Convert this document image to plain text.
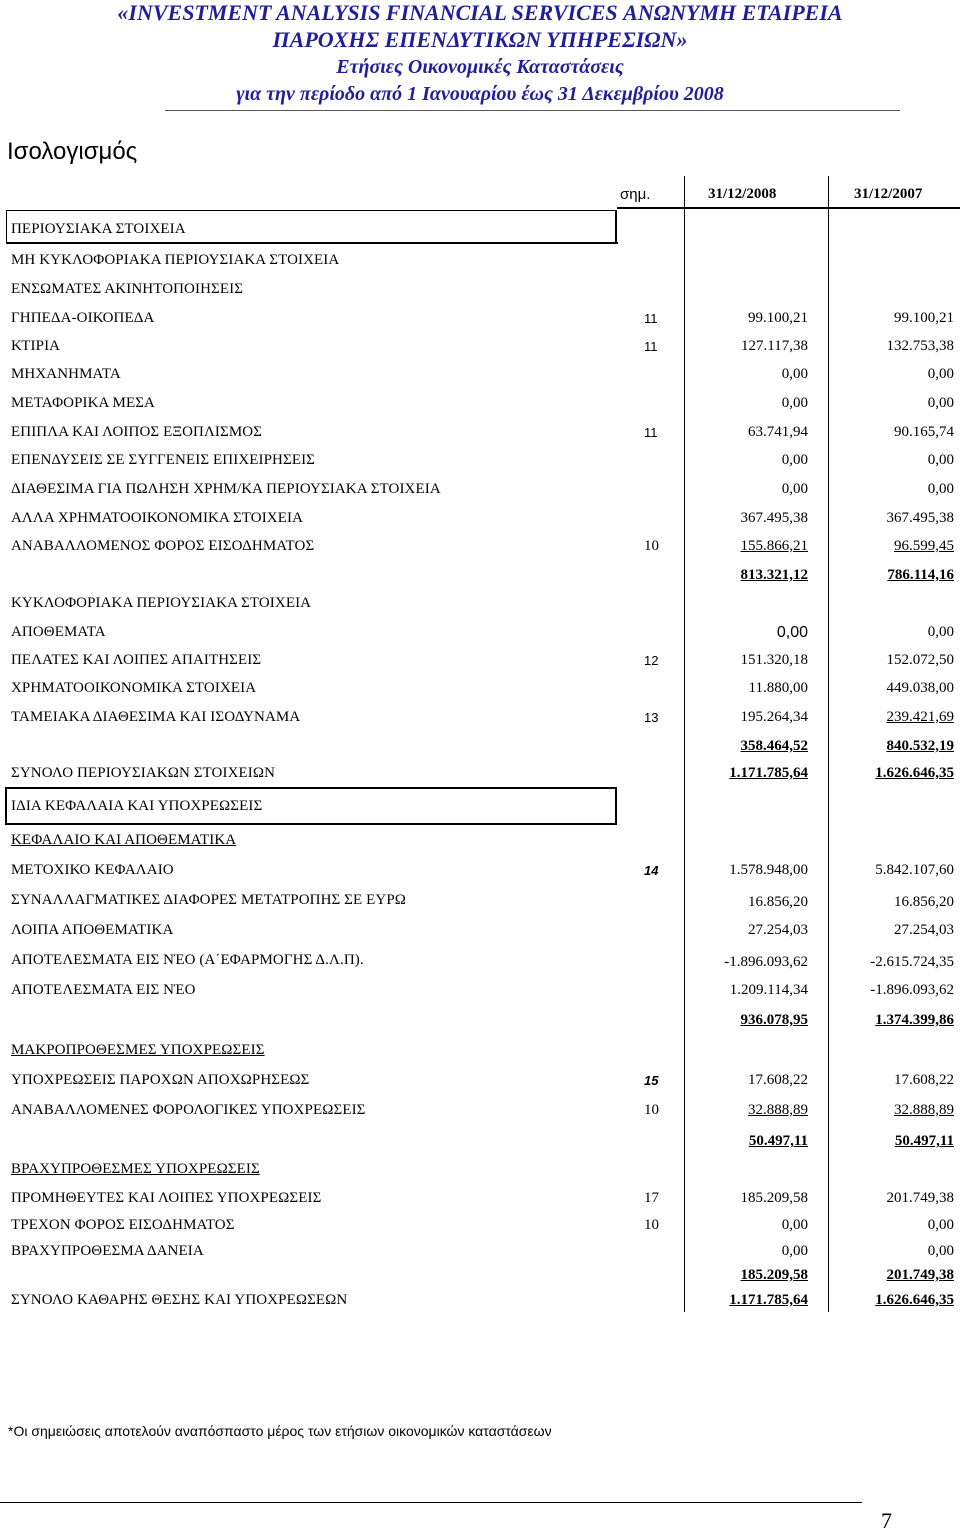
«INVESTMENT ANALYSIS FINANCIAL SERVICES ΑΝΩΝΥΜΗ ΕΤΑΙΡΕΙΑ
ΠΑΡΟΧΗΣ ΕΠΕΝΔΥΤΙΚΩΝ ΥΠΗΡΕΣΙΩΝ»
Ετήσιες Οικονομικές Καταστάσεις
για την περίοδο από 1 Ιανουαρίου έως 31 Δεκεμβρίου 2008
Ισολογισμός
σημ.	31/12/2008	31/12/2007
ΠΕΡΙΟΥΣΙΑΚΑ ΣΤΟΙΧΕΙΑ
ΜΗ ΚΥΚΛΟΦΟΡΙΑΚΑ ΠΕΡΙΟΥΣΙΑΚΑ ΣΤΟΙΧΕΙΑ
ΕΝΣΩΜΑΤΕΣ ΑΚΙΝΗΤΟΠΟΙΗΣΕΙΣ
ΓΗΠΕΔΑ-ΟΙΚΟΠΕΔΑ	11	99.100,21	99.100,21
ΚΤΙΡΙΑ	11	127.117,38	132.753,38
ΜΗΧΑΝΗΜΑΤΑ	0,00	0,00
ΜΕΤΑΦΟΡΙΚΑ ΜΕΣΑ	0,00	0,00
ΕΠΙΠΛΑ ΚΑΙ ΛΟΙΠΟΣ ΕΞΟΠΛΙΣΜΟΣ	11	63.741,94	90.165,74
ΕΠΕΝΔΥΣΕΙΣ ΣΕ ΣΥΓΓΕΝΕΙΣ ΕΠΙΧΕΙΡΗΣΕΙΣ	0,00	0,00
ΔΙΑΘΕΣΙΜΑ ΓΙΑ ΠΩΛΗΣΗ ΧΡΗΜ/ΚΑ ΠΕΡΙΟΥΣΙΑΚΑ ΣΤΟΙΧΕΙΑ	0,00	0,00
ΑΛΛΑ ΧΡΗΜΑΤΟΟΙΚΟΝΟΜΙΚΑ ΣΤΟΙΧΕΙΑ	367.495,38	367.495,38
ΑΝΑΒΑΛΛΟΜΕΝΟΣ ΦΟΡΟΣ ΕΙΣΟΔΗΜΑΤΟΣ	10	155.866,21	96.599,45
813.321,12	786.114,16
ΚΥΚΛΟΦΟΡΙΑΚΑ ΠΕΡΙΟΥΣΙΑΚΑ ΣΤΟΙΧΕΙΑ
ΑΠΟΘΕΜΑΤΑ	0,00	0,00
ΠΕΛΑΤΕΣ ΚΑΙ ΛΟΙΠΕΣ ΑΠΑΙΤΗΣΕΙΣ	12	151.320,18	152.072,50
ΧΡΗΜΑΤΟΟΙΚΟΝΟΜΙΚΑ ΣΤΟΙΧΕΙΑ	11.880,00	449.038,00
ΤΑΜΕΙΑΚΑ ΔΙΑΘΕΣΙΜΑ ΚΑΙ ΙΣΟΔΥΝΑΜΑ	13	195.264,34	239.421,69
358.464,52	840.532,19
ΣΥΝΟΛΟ ΠΕΡΙΟΥΣΙΑΚΩΝ ΣΤΟΙΧΕΙΩΝ	1.171.785,64	1.626.646,35
ΙΔΙΑ ΚΕΦΑΛΑΙΑ ΚΑΙ ΥΠΟΧΡΕΩΣΕΙΣ
ΚΕΦΑΛΑΙΟ ΚΑΙ ΑΠΟΘΕΜΑΤΙΚΑ
ΜΕΤΟΧΙΚΟ ΚΕΦΑΛΑΙΟ	14	1.578.948,00	5.842.107,60
ΣΥΝΑΛΛΑΓΜΑΤΙΚΕΣ ΔΙΑΦΟΡΕΣ ΜΕΤΑΤΡΟΠΗΣ ΣΕ ΕΥΡΩ	16.856,20	16.856,20
ΛΟΙΠΑ ΑΠΟΘΕΜΑΤΙΚΑ	27.254,03	27.254,03
ΑΠΟΤΕΛΕΣΜΑΤΑ ΕΙΣ ΝΈΟ (Α΄ΕΦΑΡΜΟΓΗΣ Δ.Λ.Π).	-1.896.093,62	-2.615.724,35
ΑΠΟΤΕΛΕΣΜΑΤΑ ΕΙΣ ΝΈΟ	1.209.114,34	-1.896.093,62
936.078,95	1.374.399,86
ΜΑΚΡΟΠΡΟΘΕΣΜΕΣ ΥΠΟΧΡΕΩΣΕΙΣ
ΥΠΟΧΡΕΩΣΕΙΣ ΠΑΡΟΧΩΝ ΑΠΟΧΩΡΗΣΕΩΣ	15	17.608,22	17.608,22
ΑΝΑΒΑΛΛΟΜΕΝΕΣ ΦΟΡΟΛΟΓΙΚΕΣ ΥΠΟΧΡΕΩΣΕΙΣ	10	32.888,89	32.888,89
50.497,11	50.497,11
ΒΡΑΧΥΠΡΟΘΕΣΜΕΣ ΥΠΟΧΡΕΩΣΕΙΣ
ΠΡΟΜΗΘΕΥΤΕΣ ΚΑΙ ΛΟΙΠΕΣ ΥΠΟΧΡΕΩΣΕΙΣ	17	185.209,58	201.749,38
ΤΡΕΧΟΝ ΦΟΡΟΣ ΕΙΣΟΔΗΜΑΤΟΣ	10	0,00	0,00
ΒΡΑΧΥΠΡΟΘΕΣΜΑ ΔΑΝΕΙΑ	0,00	0,00
185.209,58	201.749,38
ΣΥΝΟΛΟ ΚΑΘΑΡΗΣ ΘΕΣΗΣ ΚΑΙ ΥΠΟΧΡΕΩΣΕΩΝ	1.171.785,64	1.626.646,35
*Οι σημειώσεις αποτελούν αναπόσπαστο μέρος των ετήσιων οικονομικών καταστάσεων
7
